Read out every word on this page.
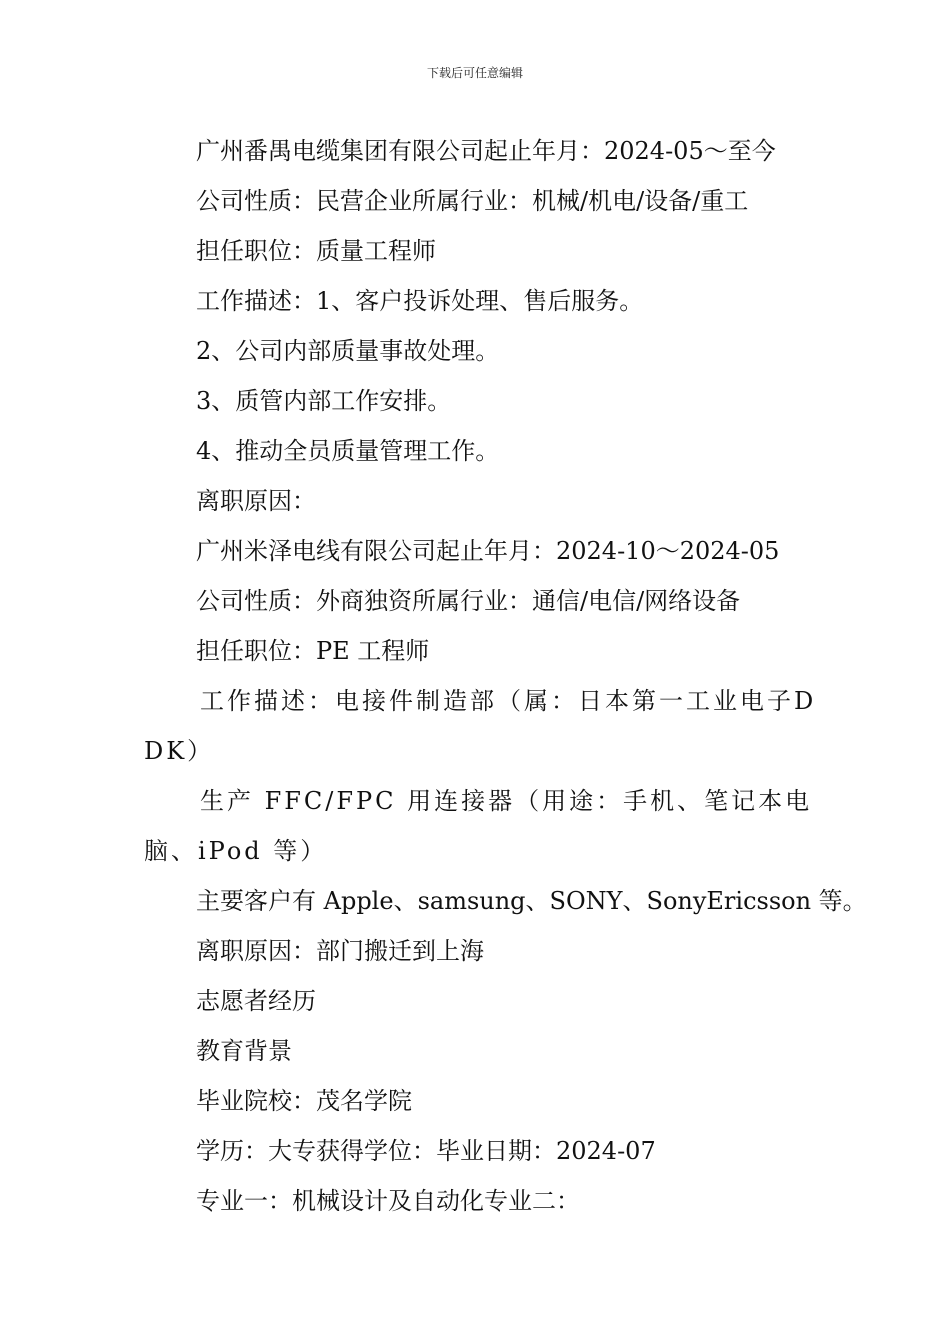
下载后可任意编辑
广州番禺电缆集团有限公司起止年月：2024-05～至今
公司性质：民营企业所属行业：机械/机电/设备/重工
担任职位：质量工程师
工作描述：1、客户投诉处理、售后服务。
2、公司内部质量事故处理。
3、质管内部工作安排。
4、推动全员质量管理工作。
离职原因：
广州米泽电线有限公司起止年月：2024-10～2024-05
公司性质：外商独资所属行业：通信/电信/网络设备
担任职位：PE 工程师
工作描述：电接件制造部（属：日本第一工业电子DDK）
生产 FFC/FPC 用连接器（用途：手机、笔记本电脑、iPod 等）
主要客户有 Apple、samsung、SONY、SonyEricsson 等。
离职原因：部门搬迁到上海
志愿者经历
教育背景
毕业院校：茂名学院
学历：大专获得学位：毕业日期：2024-07
专业一：机械设计及自动化专业二：
